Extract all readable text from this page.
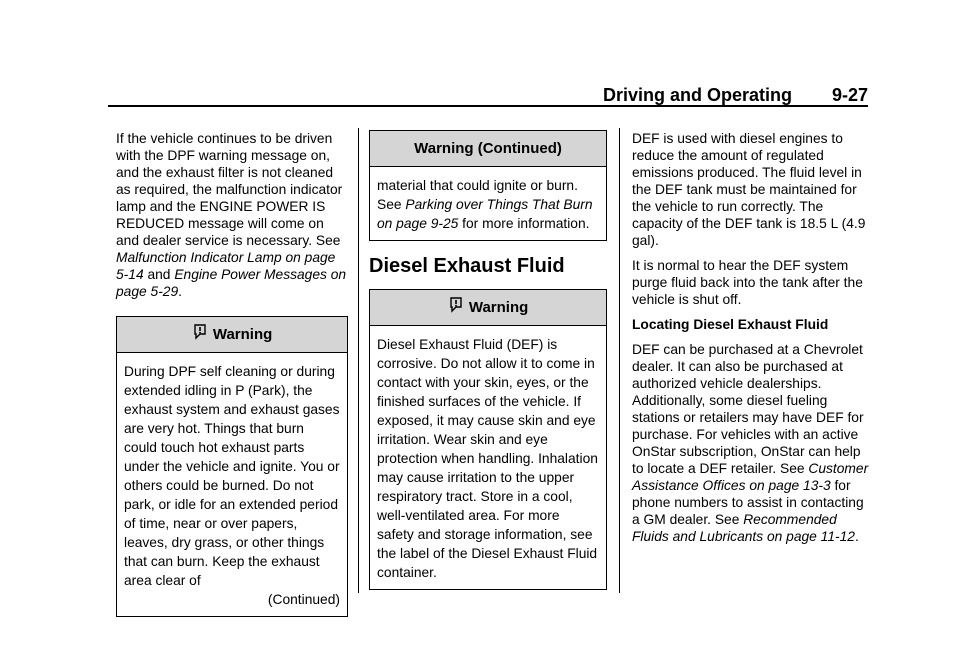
Driving and Operating 9-27

If the vehicle continues to be driven with the DPF warning message on, and the exhaust filter is not cleaned as required, the malfunction indicator lamp and the ENGINE POWER IS REDUCED message will come on and dealer service is necessary. See Malfunction Indicator Lamp on page 5-14 and Engine Power Messages on page 5-29.

Warning

During DPF self cleaning or during extended idling in P (Park), the exhaust system and exhaust gases are very hot. Things that burn could touch hot exhaust parts under the vehicle and ignite. You or others could be burned. Do not park, or idle for an extended period of time, near or over papers, leaves, dry grass, or other things that can burn. Keep the exhaust area clear of

(Continued)

Warning (Continued)

material that could ignite or burn. See Parking over Things That Burn on page 9-25 for more information.

Diesel Exhaust Fluid
Warning

Diesel Exhaust Fluid (DEF) is corrosive. Do not allow it to come in contact with your skin, eyes, or the finished surfaces of the vehicle. If exposed, it may cause skin and eye irritation. Wear skin and eye protection when handling. Inhalation may cause irritation to the upper respiratory tract. Store in a cool, well-ventilated area. For more safety and storage information, see the label of the Diesel Exhaust Fluid container.

DEF is used with diesel engines to reduce the amount of regulated emissions produced. The fluid level in the DEF tank must be maintained for the vehicle to run correctly. The capacity of the DEF tank is 18.5 L (4.9 gal).

It is normal to hear the DEF system purge fluid back into the tank after the vehicle is shut off.

Locating Diesel Exhaust Fluid

DEF can be purchased at a Chevrolet dealer. It can also be purchased at authorized vehicle dealerships. Additionally, some diesel fueling stations or retailers may have DEF for purchase. For vehicles with an active OnStar subscription, OnStar can help to locate a DEF retailer. See Customer Assistance Offices on page 13-3 for phone numbers to assist in contacting a GM dealer. See Recommended Fluids and Lubricants on page 11-12.
